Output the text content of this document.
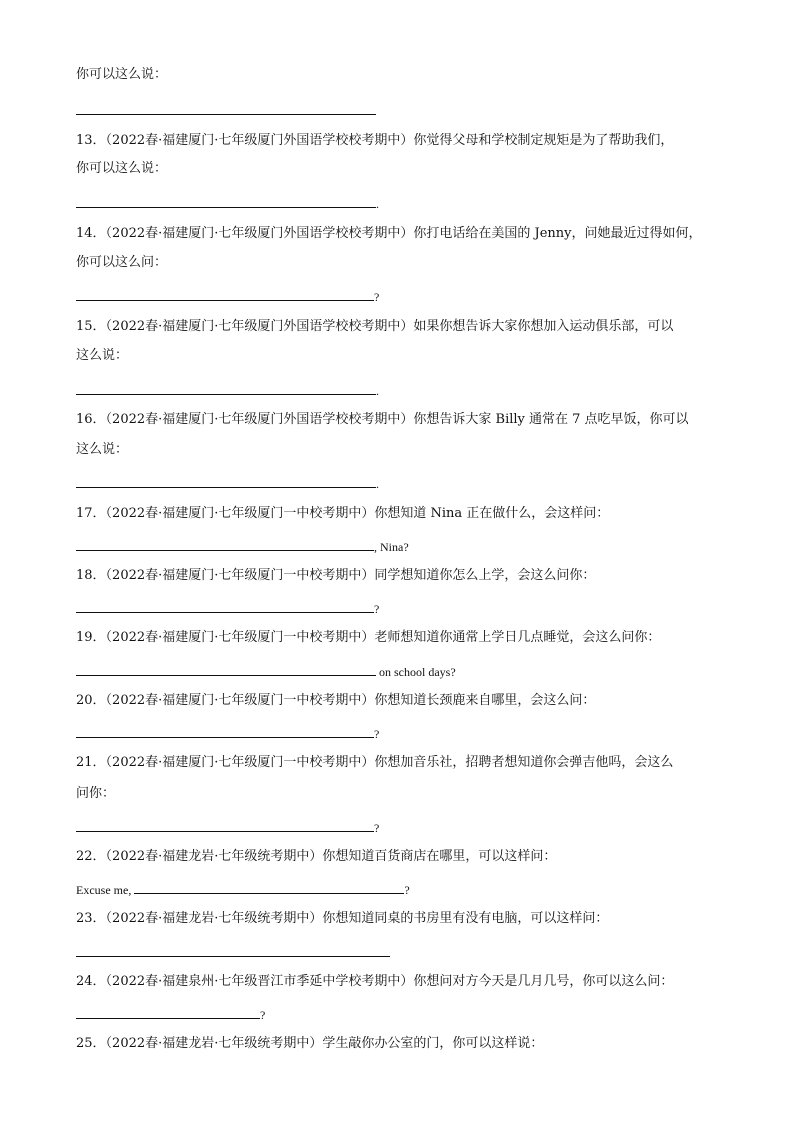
你可以这么说：
13．（2022春·福建厦门·七年级厦门外国语学校校考期中）你觉得父母和学校制定规矩是为了帮助我们，
你可以这么说：
.
14．（2022春·福建厦门·七年级厦门外国语学校校考期中）你打电话给在美国的 Jenny，问她最近过得如何，
你可以这么问：
?
15．（2022春·福建厦门·七年级厦门外国语学校校考期中）如果你想告诉大家你想加入运动俱乐部，可以
这么说：
.
16．（2022春·福建厦门·七年级厦门外国语学校校考期中）你想告诉大家 Billy 通常在 7 点吃早饭，你可以
这么说：
.
17．（2022春·福建厦门·七年级厦门一中校考期中）你想知道 Nina 正在做什么，会这样问：
, Nina?
18．（2022春·福建厦门·七年级厦门一中校考期中）同学想知道你怎么上学，会这么问你：
?
19．（2022春·福建厦门·七年级厦门一中校考期中）老师想知道你通常上学日几点睡觉，会这么问你：
on school days?
20．（2022春·福建厦门·七年级厦门一中校考期中）你想知道长颈鹿来自哪里，会这么问：
?
21．（2022春·福建厦门·七年级厦门一中校考期中）你想加音乐社，招聘者想知道你会弹吉他吗，会这么
问你：
?
22．（2022春·福建龙岩·七年级统考期中）你想知道百货商店在哪里，可以这样问：
Excuse me,	?
23．（2022春·福建龙岩·七年级统考期中）你想知道同桌的书房里有没有电脑，可以这样问：
24．（2022春·福建泉州·七年级晋江市季延中学校考期中）你想问对方今天是几月几号，你可以这么问：
?
25．（2022春·福建龙岩·七年级统考期中）学生敲你办公室的门，你可以这样说：
